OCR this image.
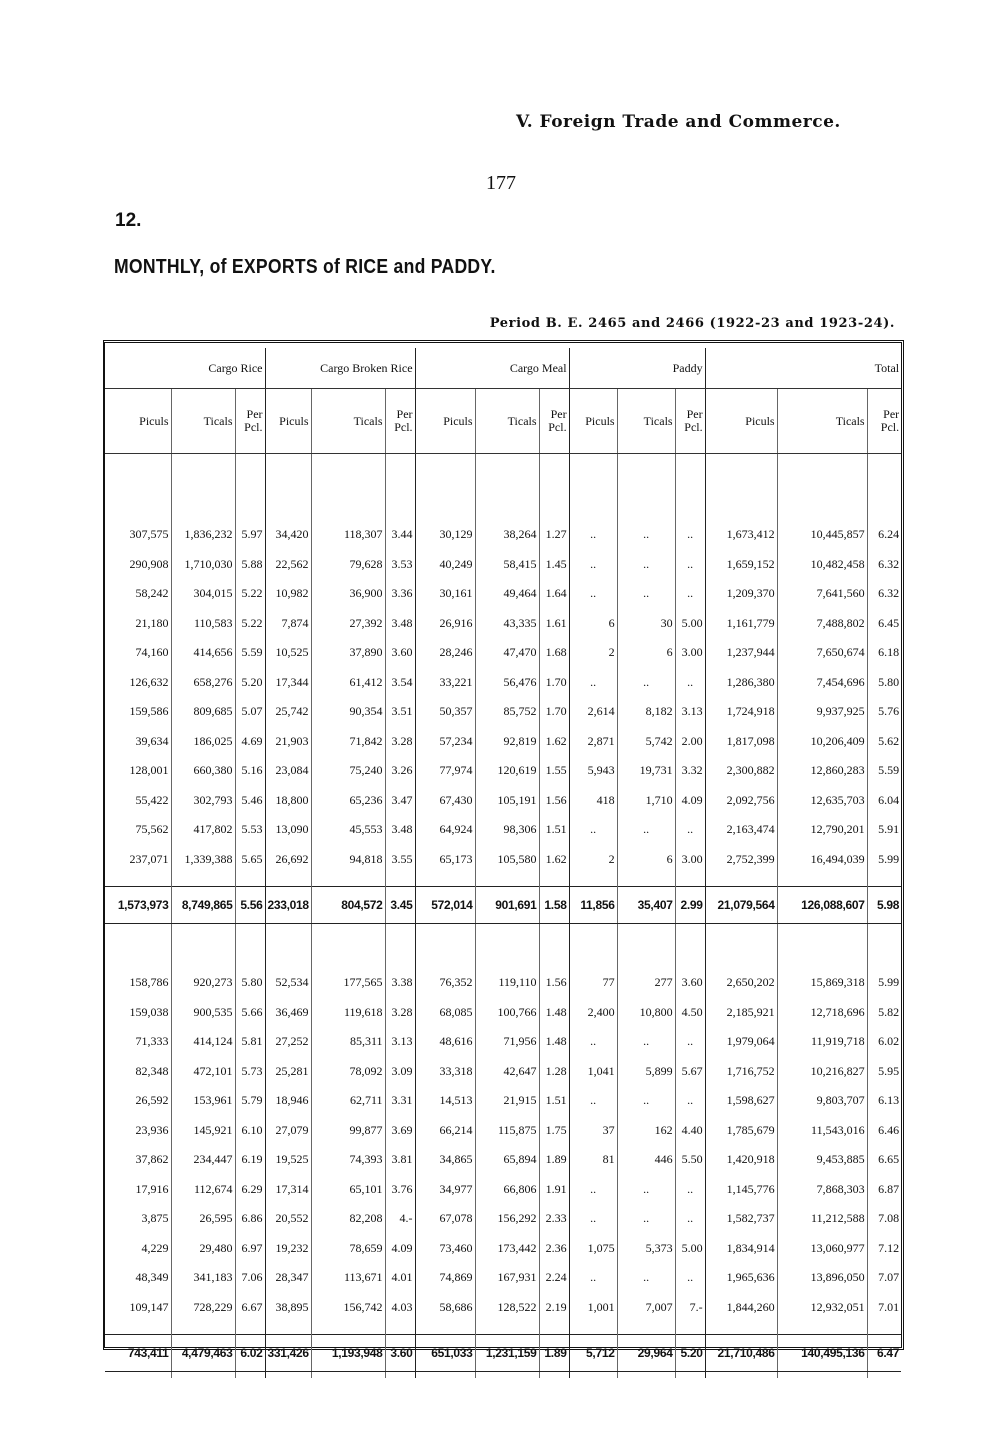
V. Foreign Trade and Commerce.
177
12.
MONTHLY, of EXPORTS of RICE and PADDY.
Period B. E. 2465 and 2466 (1922-23 and 1923-24).
Cargo Rice			Cargo Broken Rice			Cargo Meal			Paddy			Total		
Piculs	Ticals	Per Pcl.	Piculs	Ticals	Per Pcl.	Piculs	Ticals	Per Pcl.	Piculs	Ticals	Per Pcl.	Piculs	Ticals	Per Pcl.

307,575	1,836,232	5.97	34,420	118,307	3.44	30,129	38,264	1.27	..	..	..	1,673,412	10,445,857	6.24
290,908	1,710,030	5.88	22,562	79,628	3.53	40,249	58,415	1.45	..	..	..	1,659,152	10,482,458	6.32
58,242	304,015	5.22	10,982	36,900	3.36	30,161	49,464	1.64	..	..	..	1,209,370	7,641,560	6.32
21,180	110,583	5.22	7,874	27,392	3.48	26,916	43,335	1.61	6	30	5.00	1,161,779	7,488,802	6.45
74,160	414,656	5.59	10,525	37,890	3.60	28,246	47,470	1.68	2	6	3.00	1,237,944	7,650,674	6.18
126,632	658,276	5.20	17,344	61,412	3.54	33,221	56,476	1.70	..	..	..	1,286,380	7,454,696	5.80
159,586	809,685	5.07	25,742	90,354	3.51	50,357	85,752	1.70	2,614	8,182	3.13	1,724,918	9,937,925	5.76
39,634	186,025	4.69	21,903	71,842	3.28	57,234	92,819	1.62	2,871	5,742	2.00	1,817,098	10,206,409	5.62
128,001	660,380	5.16	23,084	75,240	3.26	77,974	120,619	1.55	5,943	19,731	3.32	2,300,882	12,860,283	5.59
55,422	302,793	5.46	18,800	65,236	3.47	67,430	105,191	1.56	418	1,710	4.09	2,092,756	12,635,703	6.04
75,562	417,802	5.53	13,090	45,553	3.48	64,924	98,306	1.51	..	..	..	2,163,474	12,790,201	5.91
237,071	1,339,388	5.65	26,692	94,818	3.55	65,173	105,580	1.62	2	6	3.00	2,752,399	16,494,039	5.99

1,573,973	8,749,865	5.56	233,018	804,572	3.45	572,014	901,691	1.58	11,856	35,407	2.99	21,079,564	126,088,607	5.98

158,786	920,273	5.80	52,534	177,565	3.38	76,352	119,110	1.56	77	277	3.60	2,650,202	15,869,318	5.99
159,038	900,535	5.66	36,469	119,618	3.28	68,085	100,766	1.48	2,400	10,800	4.50	2,185,921	12,718,696	5.82
71,333	414,124	5.81	27,252	85,311	3.13	48,616	71,956	1.48	..	..	..	1,979,064	11,919,718	6.02
82,348	472,101	5.73	25,281	78,092	3.09	33,318	42,647	1.28	1,041	5,899	5.67	1,716,752	10,216,827	5.95
26,592	153,961	5.79	18,946	62,711	3.31	14,513	21,915	1.51	..	..	..	1,598,627	9,803,707	6.13
23,936	145,921	6.10	27,079	99,877	3.69	66,214	115,875	1.75	37	162	4.40	1,785,679	11,543,016	6.46
37,862	234,447	6.19	19,525	74,393	3.81	34,865	65,894	1.89	81	446	5.50	1,420,918	9,453,885	6.65
17,916	112,674	6.29	17,314	65,101	3.76	34,977	66,806	1.91	..	..	..	1,145,776	7,868,303	6.87
3,875	26,595	6.86	20,552	82,208	4.-	67,078	156,292	2.33	..	..	..	1,582,737	11,212,588	7.08
4,229	29,480	6.97	19,232	78,659	4.09	73,460	173,442	2.36	1,075	5,373	5.00	1,834,914	13,060,977	7.12
48,349	341,183	7.06	28,347	113,671	4.01	74,869	167,931	2.24	..	..	..	1,965,636	13,896,050	7.07
109,147	728,229	6.67	38,895	156,742	4.03	58,686	128,522	2.19	1,001	7,007	7.-	1,844,260	12,932,051	7.01

743,411	4,479,463	6.02	331,426	1,193,948	3.60	651,033	1,231,159	1.89	5,712	29,964	5.20	21,710,486	140,495,136	6.47
